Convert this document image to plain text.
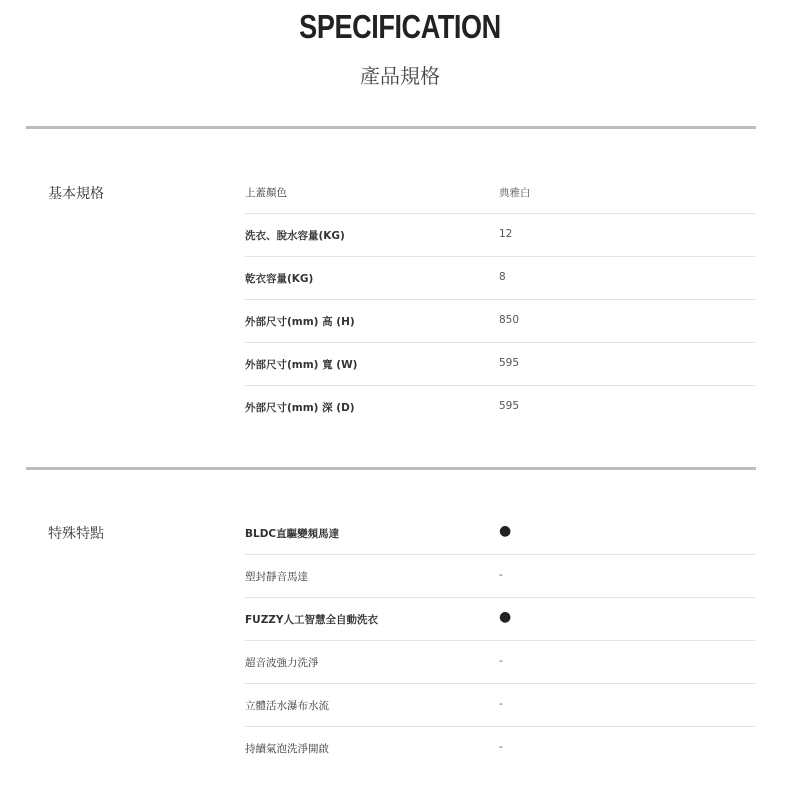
SPECIFICATION
產品規格
基本規格	上蓋顏色	典雅白
洗衣、脫水容量(KG)	12
乾衣容量(KG)	8
外部尺寸(mm) 高 (H)	850
外部尺寸(mm) 寬 (W)	595
外部尺寸(mm) 深 (D)	595
特殊特點	BLDC直驅變頻馬達	●
塑封靜音馬達	-
FUZZY人工智慧全自動洗衣	●
超音波強力洗淨	-
立體活水瀑布水流	-
持續氣泡洗淨開啟	-
